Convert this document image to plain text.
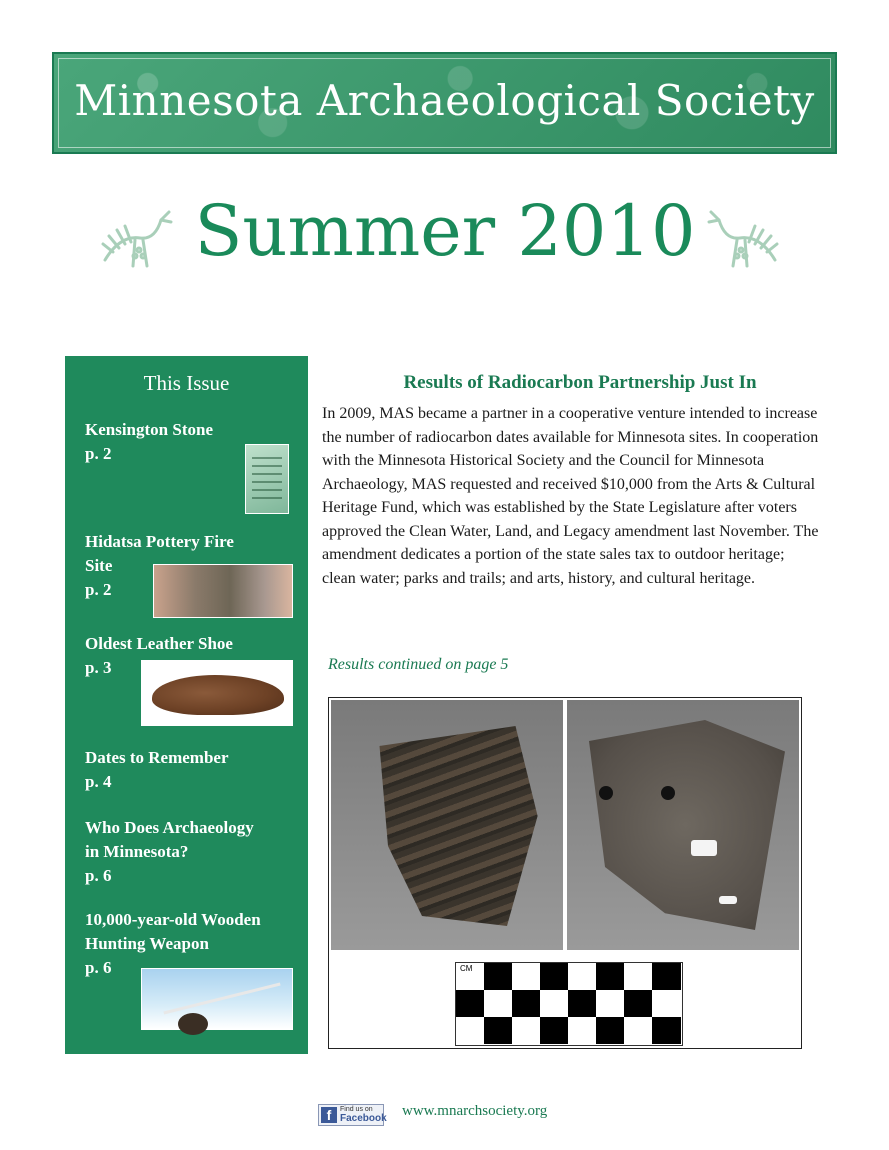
Minnesota Archaeological Society
Summer 2010
This Issue
Kensington Stone
p. 2
Hidatsa Pottery Fire
Site
p. 2
Oldest Leather Shoe
p. 3
Dates to Remember
p. 4
Who Does Archaeology
in Minnesota?
p. 6
10,000-year-old Wooden
Hunting Weapon
p. 6
Results of Radiocarbon Partnership Just In
In 2009, MAS became a partner in a cooperative venture intended to increase the number of radiocarbon dates available for Minnesota sites. In cooperation with the Minnesota Historical Society and the Council for Minnesota Archaeology, MAS requested and received $10,000 from the Arts & Cultural Heritage Fund, which was established by the State Legislature after voters approved the Clean Water, Land, and Legacy amendment last November. The amendment dedicates a portion of the state sales tax to outdoor heritage; clean water; parks and trails; and arts, history, and cultural heritage.
Results continued on page 5
CM
f	Find us on
Facebook www.mnarchsociety.org
